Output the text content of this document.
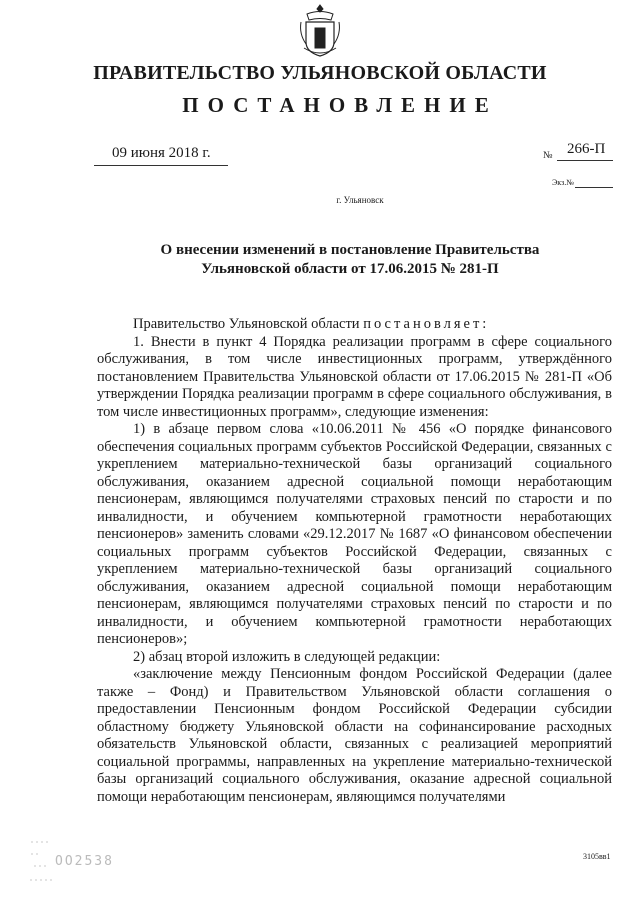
ПРАВИТЕЛЬСТВО УЛЬЯНОВСКОЙ ОБЛАСТИ
ПОСТАНОВЛЕНИЕ
09 июня 2018 г.	№ 266-П
Экз.№
г. Ульяновск
О внесении изменений в постановление Правительства
Ульяновской области от 17.06.2015 № 281-П

Правительство Ульяновской области постановляет:

1. Внести в пункт 4 Порядка реализации программ в сфере социального обслуживания, в том числе инвестиционных программ, утверждённого постановлением Правительства Ульяновской области от 17.06.2015 № 281-П «Об утверждении Порядка реализации программ в сфере социального обслуживания, в том числе инвестиционных программ», следующие изменения:

1) в абзаце первом слова «10.06.2011 № 456 «О порядке финансового обеспечения социальных программ субъектов Российской Федерации, связанных с укреплением материально-технической базы организаций социального обслуживания, оказанием адресной социальной помощи неработающим пенсионерам, являющимся получателями страховых пенсий по старости и по инвалидности, и обучением компьютерной грамотности неработающих пенсионеров» заменить словами «29.12.2017 № 1687 «О финансовом обеспечении социальных программ субъектов Российской Федерации, связанных с укреплением материально-технической базы организаций социального обслуживания, оказанием адресной социальной помощи неработающим пенсионерам, являющимся получателями страховых пенсий по старости и по инвалидности, и обучением компьютерной грамотности неработающих пенсионеров»;

2) абзац второй изложить в следующей редакции:

«заключение между Пенсионным фондом Российской Федерации (далее также – Фонд) и Правительством Ульяновской области соглашения о предоставлении Пенсионным фондом Российской Федерации субсидии областному бюджету Ульяновской области на софинансирование расходных обязательств Ульяновской области, связанных с реализацией мероприятий социальной программы, направленных на укрепление материально-технической базы организаций социального обслуживания, оказание адресной социальной помощи неработающим пенсионерам, являющимся получателями

ОО2538	3105вв1
